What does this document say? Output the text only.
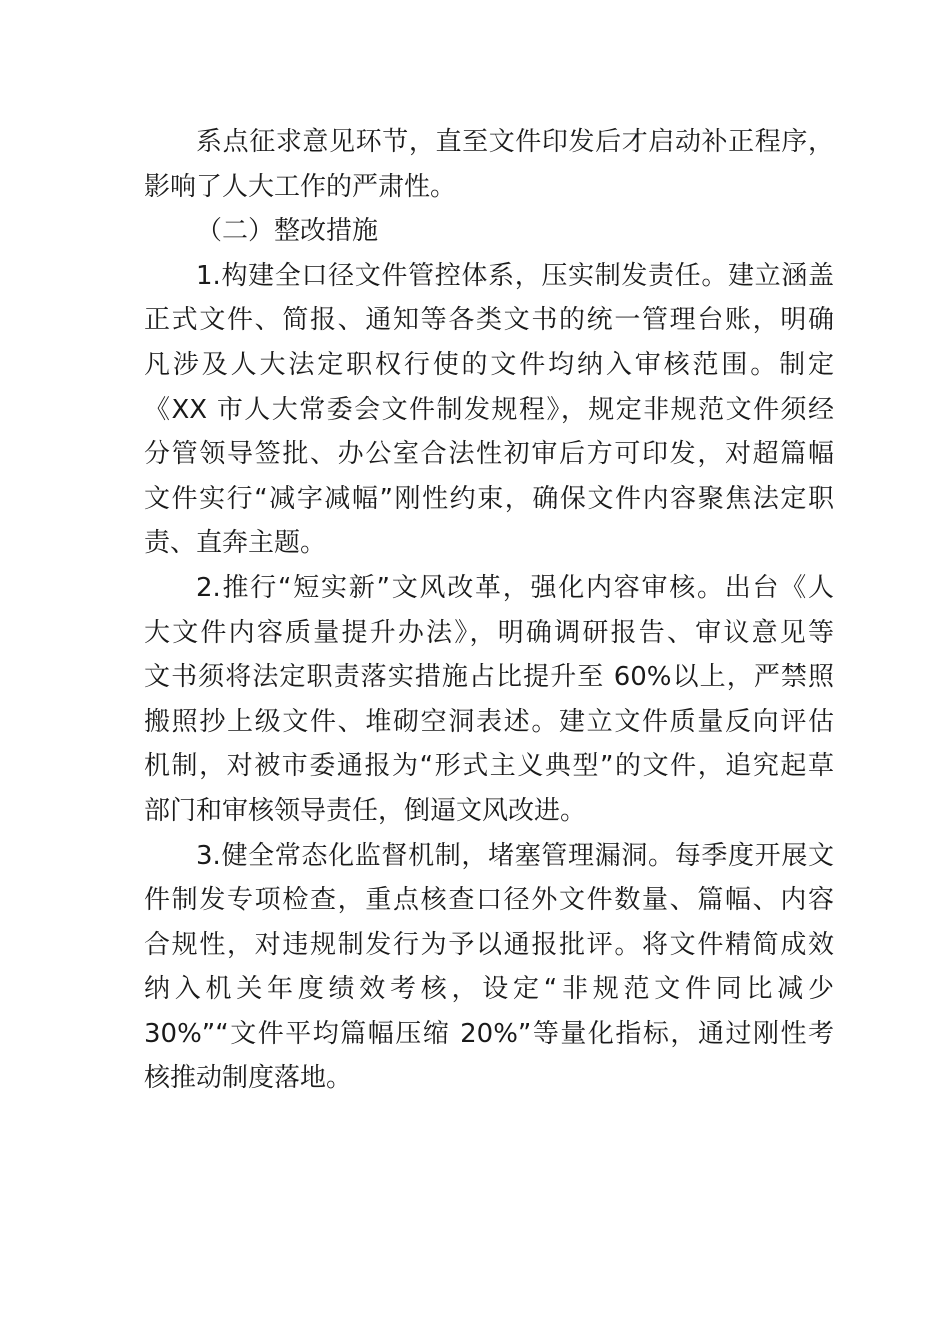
系点征求意见环节，直至文件印发后才启动补正程序，
影响了人大工作的严肃性。
（二）整改措施
1.构建全口径文件管控体系，压实制发责任。建立涵盖
正式文件、简报、通知等各类文书的统一管理台账，明确
凡涉及人大法定职权行使的文件均纳入审核范围。制定
《XX 市人大常委会文件制发规程》，规定非规范文件须经
分管领导签批、办公室合法性初审后方可印发，对超篇幅
文件实行“减字减幅”刚性约束，确保文件内容聚焦法定职
责、直奔主题。
2.推行“短实新”文风改革，强化内容审核。出台《人
大文件内容质量提升办法》，明确调研报告、审议意见等
文书须将法定职责落实措施占比提升至 60%以上，严禁照
搬照抄上级文件、堆砌空洞表述。建立文件质量反向评估
机制，对被市委通报为“形式主义典型”的文件，追究起草
部门和审核领导责任，倒逼文风改进。
3.健全常态化监督机制，堵塞管理漏洞。每季度开展文
件制发专项检查，重点核查口径外文件数量、篇幅、内容
合规性，对违规制发行为予以通报批评。将文件精简成效
纳入机关年度绩效考核，设定“非规范文件同比减少
30%”“文件平均篇幅压缩 20%”等量化指标，通过刚性考
核推动制度落地。
